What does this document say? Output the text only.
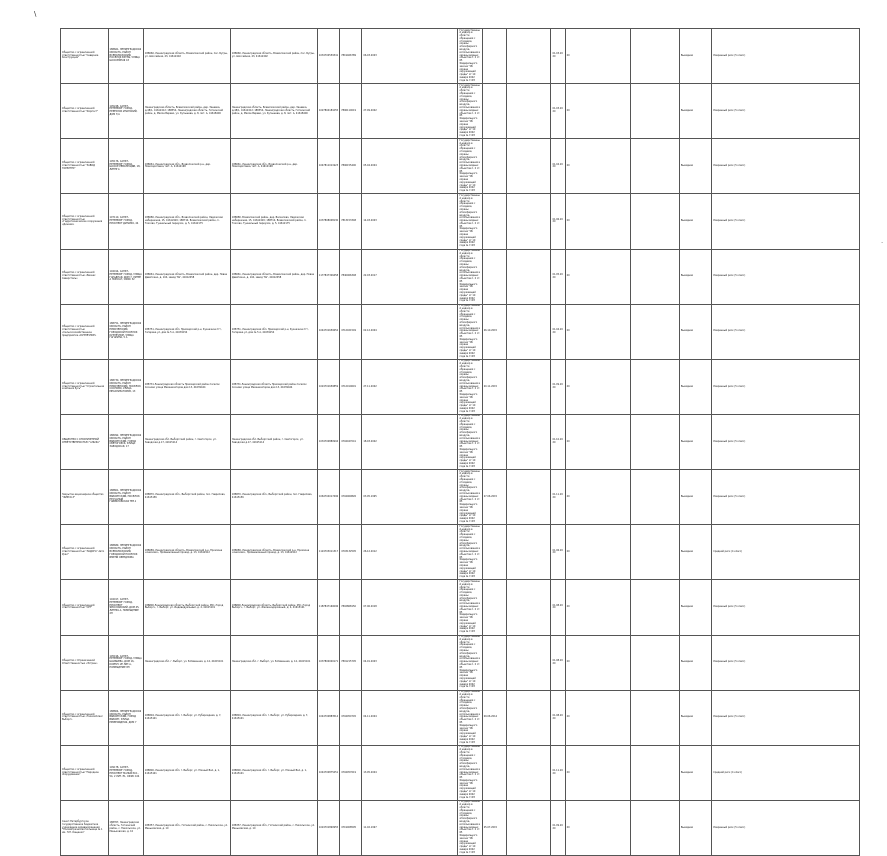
\
·
Общество с ограниченной ответственностью "Северное Конструкции"	188661, ЛЕНИНГРАДСКАЯ ОБЛАСТЬ, РАЙОН ВСЕВОЛОЖСКИЙ, ПОСЕЛОК БУГРЫ, УЛИЦА ШОССЕЙНАЯ 43	188660, Ленинградская область, Всеволожский район, пос. Бугры, ул. Шоссейная, 43, 41612402	188660, Ленинградская область, Всеволожский район, пос. Бугры, ул. Шоссейная, 43, 41612402	1034700559341	7819466789	06.03.2003	Государственный надзор в области обращения с отходами, охраны атмосферного воздуха, использования и охраны водных объектов п. 2 ст. 65 Федерального закона "Об охране окружающей среды" от 10 января 2002 года № 7-ФЗ			01.03.2020	20		Выездная	Умеренный риск (5 класс)
Общество с ограниченной ответственностью "Форпост"	195248, САНКТ-ПЕТЕРБУРГ ГОРОД, ПЕРЕУЛОК ИНАНСКИЙ, ДОМ 7/А	Ленинградская область, Всеволожский район, дер. Заневка, д.48/1, 41612412; 188354, Ленинградская область, Гатчинский район, д. Малое Верево, ул. Кутышева, д. 8, лит. А, 41618400	Ленинградская область, Всеволожский район, дер. Заневка, д.48/1, 41612412; 188354, Ленинградская область, Гатчинский район, д. Малое Верево, ул. Кутышева, д. 8, лит. А, 41618400	1027804181055	7806110019	27.09.2002	Государственный надзор в области обращения с отходами, охраны атмосферного воздуха, использования и охраны водных объектов п. 2 ст. 65 Федерального закона "Об охране окружающей среды" от 10 января 2002 года № 7-ФЗ			01.03.2020	20		Выездная	Умеренный риск (5 класс)
Общество с ограниченной ответственностью "ЗАВОД ГОРЭЛТЕХ"	195176, САНКТ-ПЕТЕРБУРГ ГОРОД, ШОССЕ РЕВОЛЮЦИИ, 18, ЛИТЕР А	188661, Ленинградская обл., Всеволожский р-н, дер. Новосаратовка, лит. А, 41612168	188661, Ленинградская обл., Всеволожский р-н, дер. Новосаратовка, лит. А, 41612168	1047811011923	7806155400	05.04.2004	Государственный надзор в области обращения с отходами, охраны атмосферного воздуха, использования и охраны водных объектов п. 2 ст. 65 Федерального закона "Об охране окружающей среды" от 10 января 2002 года № 7-ФЗ			01.04.2020	20		Выездная	Умеренный риск (5 класс)
Общество с ограниченной ответственностью «Гидротехнические сооружения «Динамо»	197110, САНКТ-ПЕТЕРБУРГ ГОРОД, ПРОСПЕКТ ДИНАМО, 44	188680, Ленинградская обл., Всеволожский район, Ладожская набережная, 15, 41612420; 188710, Всеволожский район, п. Токсово, Туннельный переулок, д. 5, 41612175	188680, Всеволожский район, дер. Васкелово, Ладожская набережная, 15, 41612420; 188710, Всеволожский район, п. Токсово, Туннельный переулок, д. 5, 41612175	1037808008130	7813153348	14.03.2003	Государственный надзор в области обращения с отходами, охраны атмосферного воздуха, использования и охраны водных объектов п. 2 ст. 65 Федерального закона "Об охране окружающей среды" от 10 января 2002 года № 7-ФЗ			01.06.2020	20		Выездная	Умеренный риск (5 класс)
Общество с ограниченной ответственностью «Бизнес Северсталь»	194014, САНКТ-ПЕТЕРБУРГ ГОРОД, УЛИЦА ГАРАДНАЯ, ДОМ 7, ЛИТЕР А ПОМ.6-Н, ОФИС 32	188661, Ленинградская область, Всеволожский район, дер. Новое Девяткино, д. 104, завод ТАГ, 41612458	188661, Ленинградская область, Всеволожский район, дер. Новое Девяткино, д. 104, завод ТАГ, 41612458	1177847326458	7840066348	22.03.2017	Государственный надзор в области обращения с отходами, охраны атмосферного воздуха, использования и охраны водных объектов п. 2 ст. 65 Федерального закона "Об охране окружающей среды" от 10 января 2002 года № 7-ФЗ			01.05.2020	20		Выездная	Умеренный риск (5 класс)
Общество с ограниченной ответственностью «Сельскохозяйственное предприятие «КУЗНЕЧНОЕ»	188751, ЛЕНИНГРАДСКАЯ ОБЛАСТЬ, РАЙОН ПРИОЗЕРСКИЙ, ГОРОДСКОЙ ПОСЕЛОК КУЗНЕЧНОЕ, УЛИЦА ГАГАРИНА, 5 А	188751, Ленинградская обл. Приозерский р-н, Кузнечное пгт, Гагарина ул, дом № 5 А, 41639154	188751, Ленинградская обл. Приозерский р-н, Кузнечное пгт, Гагарина ул, дом № 5 А, 41639154	1044701650652	4712021549	02.12.2004	Государственный надзор в области обращения с отходами, охраны атмосферного воздуха, использования и охраны водных объектов п. 2 ст. 65 Федерального закона "Об охране окружающей среды" от 10 января 2002 года № 7-ФЗ	26.10.2015		01.04.2020	20		Выездная	Умеренный риск (5 класс)
Общество с ограниченной ответственностью "Строительная компания Русь"	188730, ЛЕНИНГРАДСКАЯ ОБЛАСТЬ, РАЙОН ПРИОЗЕРСКИЙ, ПОСЕЛОК СОСНОВО, УЛИЦА МЕХАНИЗАТОРОВ, 13	188731 Ленинградская область Приозерский район поселок Сосново улица Механизаторов дом 13, 41639444	188731 Ленинградская область Приозерский район поселок Сосново улица Механизаторов дом 13, 41639444	1024701650859	4712010691	27.11.2002	Государственный надзор в области обращения с отходами, охраны атмосферного воздуха, использования и охраны водных объектов п. 2 ст. 65 Федерального закона "Об охране окружающей среды" от 10 января 2002 года № 7-ФЗ	20.11.2015		01.09.2020	20		Выездная	Умеренный риск (5 класс)
ОБЩЕСТВО С ОГРАНИЧЕННОЙ ОТВЕТСТВЕННОСТЬЮ "АЛЬФА"	188992, ЛЕНИНГРАДСКАЯ ОБЛАСТЬ, РАЙОН ВЫБОРГСКИЙ, ГОРОД СВЕТОГОРСК, УЛИЦА ЗАВОДСКАЯ, 17	Ленинградская обл. Выборгский район, г. Светогорск, ул. Заводская д.17, 41615114	Ленинградская обл. Выборгский район, г. Светогорск, ул. Заводская д.17, 41615114	1034700880994	4704047041	18.03.2002	Государственный надзор в области обращения с отходами, охраны атмосферного воздуха, использования и охраны водных объектов п. 2 ст. 65 Федерального закона "Об охране окружающей среды" от 10 января 2002 года № 7-ФЗ			01.10.2020	20		Выездная	Умеренный риск (5 класс)
Закрытое акционерное общество "ФИРСО-3"	188801, ЛЕНИНГРАДСКАЯ ОБЛАСТЬ, РАЙОН ВЫБОРГСКИЙ, ПОСЕЛОК ПЕСЧАНЫЙ ГАВРИЛОВСКАЯ ТЕР.1	188870, Ленинградская обл., Выборгский район, пос. Гаврилово, 41615156	188870, Ленинградская обл., Выборгский район, пос. Гаврилово, 41615156	1064704017496	4704069826	03.05.1995	Государственный надзор в области обращения с отходами, охраны атмосферного воздуха, использования и охраны водных объектов п. 2 ст. 65 Федерального закона "Об охране окружающей среды" от 10 января 2002 года № 7-ФЗ	27.06.2015		01.11.2020	20		Выездная	Умеренный риск (5 класс)
Общество с ограниченной ответственностью "ЛАДОГА" Авто Урал"	188689, ЛЕНИНГРАДСКАЯ ОБЛАСТЬ, РАЙОН ВСЕВОЛОЖСКИЙ, ГОРОДСКОЙ ПОСЕЛОК ИМЕНИ СВЕРДЛОВА	188689, Ленинградская область, Всеволожский р-н, Промзона «Анисимо», Промышленный проезд, д. 13, 41612412	188689, Ленинградская область, Всеволожский р-н, Промзона «Анисимо», Промышленный проезд, д. 13, 41612412	1124703011317	4703132505	26.12.2012	Государственный надзор в области обращения с отходами, охраны атмосферного воздуха, использования и охраны водных объектов п. 2 ст. 65 Федерального закона "Об охране окружающей среды" от 10 января 2002 года № 7-ФЗ			01.06.2020	20		Выездная	Средний риск (4 класс)
Общество с ограниченной ответственностью "СРТ"	194017, САНКТ-ПЕТЕРБУРГ ГОРОД, ПРОСПЕКТ ЯРОСЛАВСКИЙ, ДОМ 45, ЛИТЕРА А, ПОМЕЩЕНИЕ 2Н	188800 Ленинградская область, Выборгский район, МО «Город Выборг», г. Выборг, ул. Индивидуальный, д. 4, 41615101	188800 Ленинградская область, Выборгский район, МО «Город Выборг», г. Выборг, ул. Железнодорожный, д. 4, 41615101	1187847160096	7802868150	07.06.2018	Государственный надзор в области обращения с отходами, охраны атмосферного воздуха, использования и охраны водных объектов п. 2 ст. 65 Федерального закона "Об охране окружающей среды" от 10 января 2002 года № 7-ФЗ			01.08.2020	20		Выездная	Умеренный риск (5 класс)
Общество с Ограниченной Ответственностью «Эстрен»	195196, САНКТ-ПЕТЕРБУРГ ГОРОД, УЛИЦА ШАМШЕВА, ДОМ 16, КОРПУС 2Е ЛИТ.А, ПОМЕЩЕНИЕ 8Н	Ленинградская обл. г. Выборг, ул. Б.Каменная, д. 14, 41615101	Ленинградская обл. г. Выборг, ул. Б.Каменная, д. 14, 41615101	1037800000171	7801215705	04.01.2003	Государственный надзор в области обращения с отходами, охраны атмосферного воздуха, использования и охраны водных объектов п. 2 ст. 65 Федерального закона "Об охране окружающей среды" от 10 января 2002 года № 7-ФЗ			01.08.2020	20		Выездная	Умеренный риск (5 класс)
Общество с ограниченной ответственностью «Техкомплекс Выборг»	188804, ЛЕНИНГРАДСКАЯ ОБЛАСТЬ, РАЙОН ВЫБОРГСКИЙ, ГОРОД ВЫБОРГ, УЛИЦА РУБЕРОИДНАЯ, ДОМ 7	188804, Ленинградская обл. г. Выборг, ул. Рубероидная, д. 7, 41615101	188804, Ленинградская обл. г. Выборг, ул. Рубероидная, д. 7, 41615101	1044700883514	4704050745	04.11.2004	Государственный надзор в области обращения с отходами, охраны атмосферного воздуха, использования и охраны водных объектов п. 2 ст. 65 Федерального закона "Об охране окружающей среды" от 10 января 2002 года № 7-ФЗ	09.06.2014		01.08.2020	20		Выездная	Умеренный риск (5 класс)
Общество с ограниченной ответственностью "Народное оборудование"	199178, САНКТ-ПЕТЕРБУРГ ГОРОД, ПРОСПЕКТ МАЛЫЙ В.О., 54, 2 ЛИТ. Е1, ОФИС 104	188800, Ленинградская обл. г. Выборг, ул. Южный Вал, д. 1, 41615101	188800, Ленинградская обл. г. Выборг, ул. Южный Вал, д. 1, 41615101	1044700875251	4704057619	13.05.2004	Государственный надзор в области обращения с отходами, охраны атмосферного воздуха, использования и охраны водных объектов п. 2 ст. 65 Федерального закона "Об охране окружающей среды" от 10 января 2002 года № 7-ФЗ			01.11.2020	20		Выездная	Средний риск (4 класс)
Санкт-Петербургское государственное бюджетное учреждение здравоохранения "Психиатрическая больница № 1 им. П.П. Кащенко"	188357, Ленинградская область, Гатчинский район, с. Никольское, ул. Меньковская, д. 10	188357, Ленинградская обл., Гатчинский район, с. Никольское, ул. Меньковская, д. 10	188357, Ленинградская обл., Гатчинский район, с. Никольское, ул. Меньковская, д. 10	1024701890955	4719008595	11.02.1997	Государственный надзор в области обращения с отходами, охраны атмосферного воздуха, использования и охраны водных объектов п. 2 ст. 65 Федерального закона "Об охране окружающей среды" от 10 января 2002 года № 7-ФЗ	25.07.2015		01.09.2020	20		Выездная	Умеренный риск (5 класс)
